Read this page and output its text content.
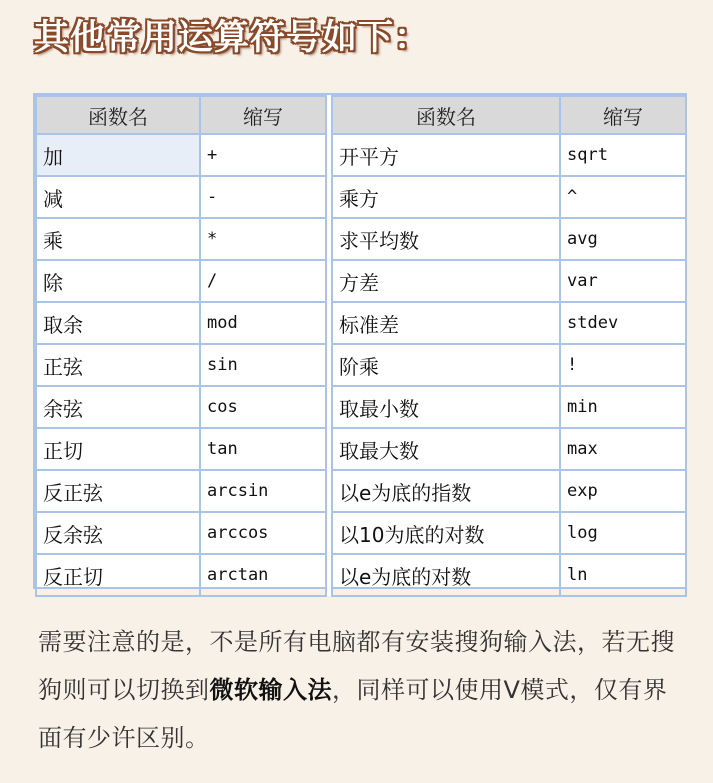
其他常用运算符号如下：
函数名	缩写		函数名	缩写
加	+		开平方	sqrt
减	-		乘方	^
乘	*		求平均数	avg
除	/		方差	var
取余	mod		标准差	stdev
正弦	sin		阶乘	!
余弦	cos		取最小数	min
正切	tan		取最大数	max
反正弦	arcsin		以e为底的指数	exp
反余弦	arccos		以10为底的对数	log
反正切	arctan		以e为底的对数	ln
需要注意的是，不是所有电脑都有安装搜狗输入法，若无搜狗则可以切换到微软输入法，同样可以使用V模式，仅有界面有少许区别。
